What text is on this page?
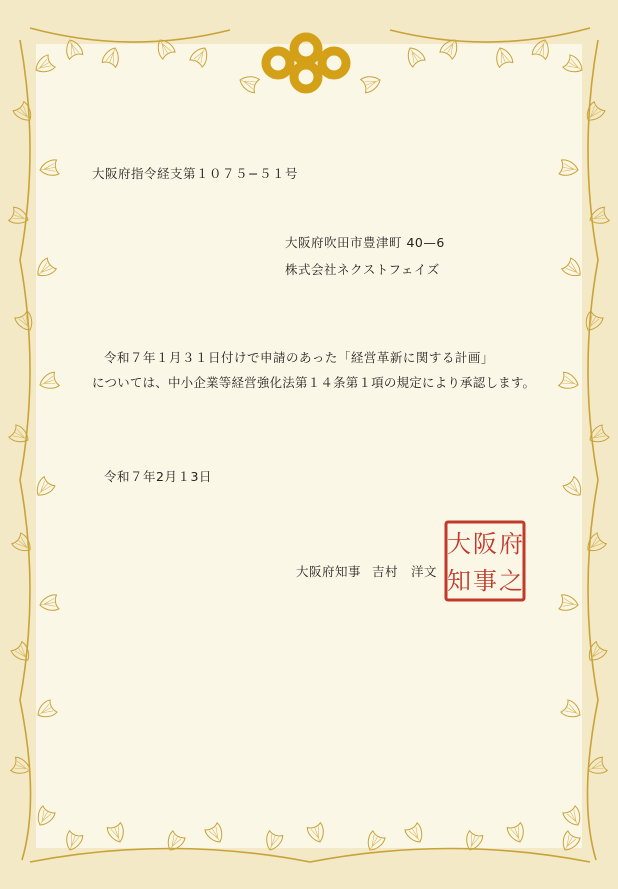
大阪府指令経支第１０７５−５１号
大阪府吹田市豊津町 40—6
株式会社ネクストフェイズ
令和７年１月３１日付けで申請のあった「経営革新に関する計画」
については、中小企業等経営強化法第１４条第１項の規定により承認します。
令和７年2月１3日
大阪府知事 吉村　洋文
府
阪
大
之
事
知
